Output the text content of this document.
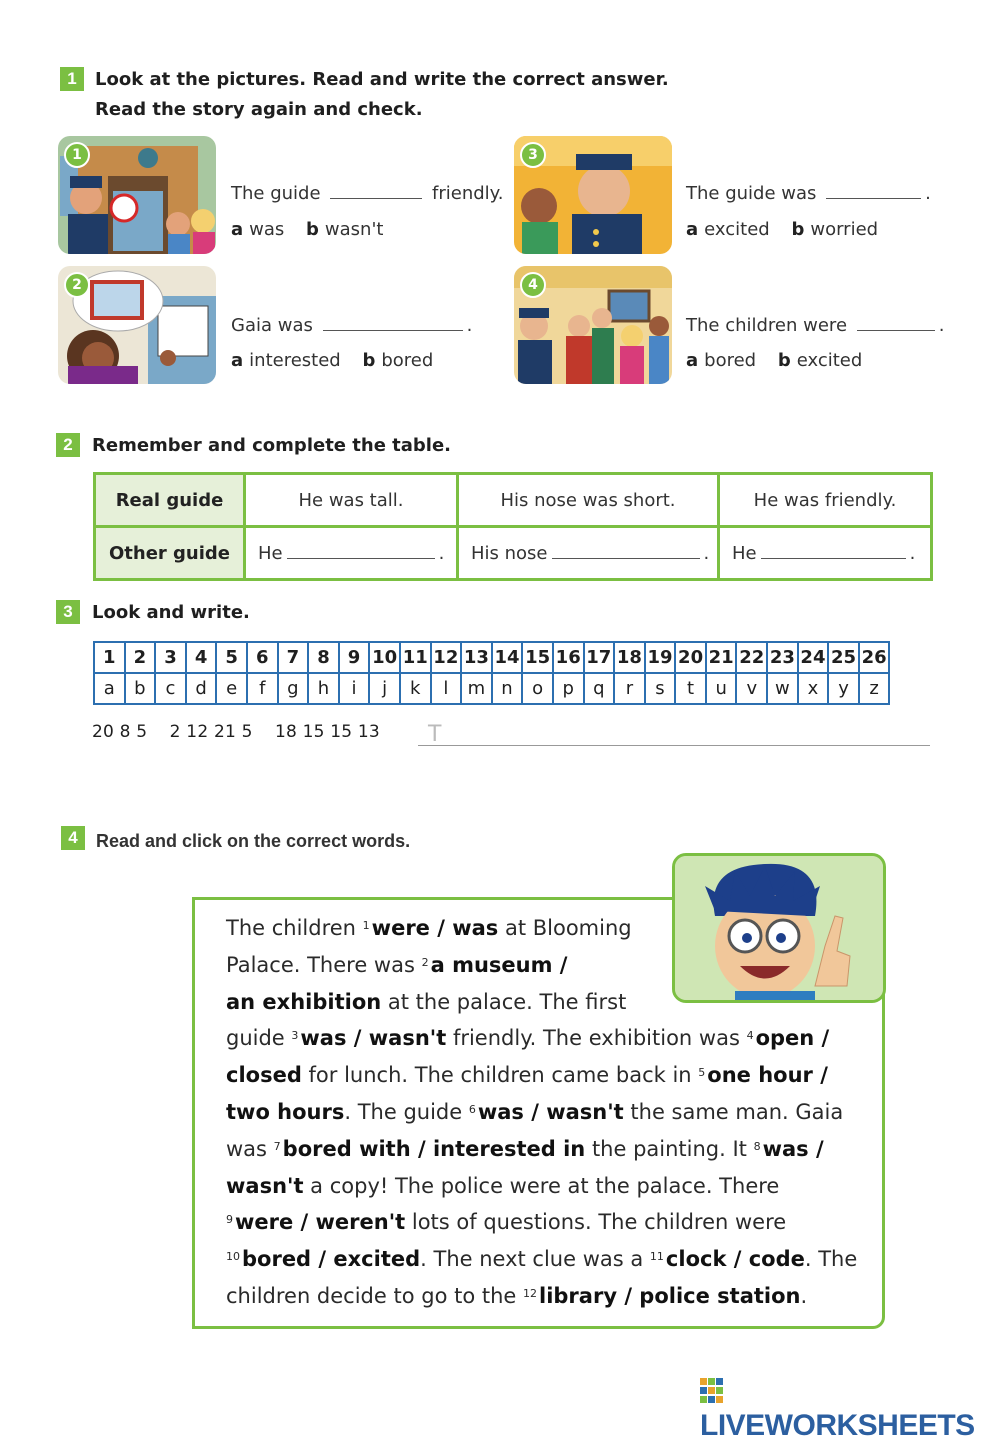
1	Look at the pictures. Read and write the correct answer.
Read the story again and check.
1
The guide	friendly.
a was b wasn't
3
The guide was	.
a excited b worried
2
Gaia was	.
a interested b bored
4
The children were	.
a bored b excited
2	Remember and complete the table.
Real guide	He was tall.	His nose was short.	He was friendly.
Other guide	He .	His nose .	He .
3	Look and write.
1	2	3	4	5	6	7	8	9	10	11	12	13	14	15	16	17	18	19	20	21	22	23	24	25	26
a	b	c	d	e	f	g	h	i	j	k	l	m	n	o	p	q	r	s	t	u	v	w	x	y	z
20 8 5    2 12 21 5    18 15 15 13 T
4	Read and click on the correct words.
The children $^1$were / was at Blooming
Palace. There was $^2$a museum /
an exhibition at the palace. The first
guide $^3$was / wasn't friendly. The exhibition was $^4$open /
closed for lunch. The children came back in $^5$one hour /
two hours. The guide $^6$was / wasn't the same man. Gaia
was $^7$bored with / interested in the painting. It $^8$was /
wasn't a copy! The police were at the palace. There
$^9$were / weren't lots of questions. The children were
$^{10}$bored / excited. The next clue was a $^{11}$clock / code. The
children decide to go to the $^{12}$library / police station.
LIVEWORKSHEETS
